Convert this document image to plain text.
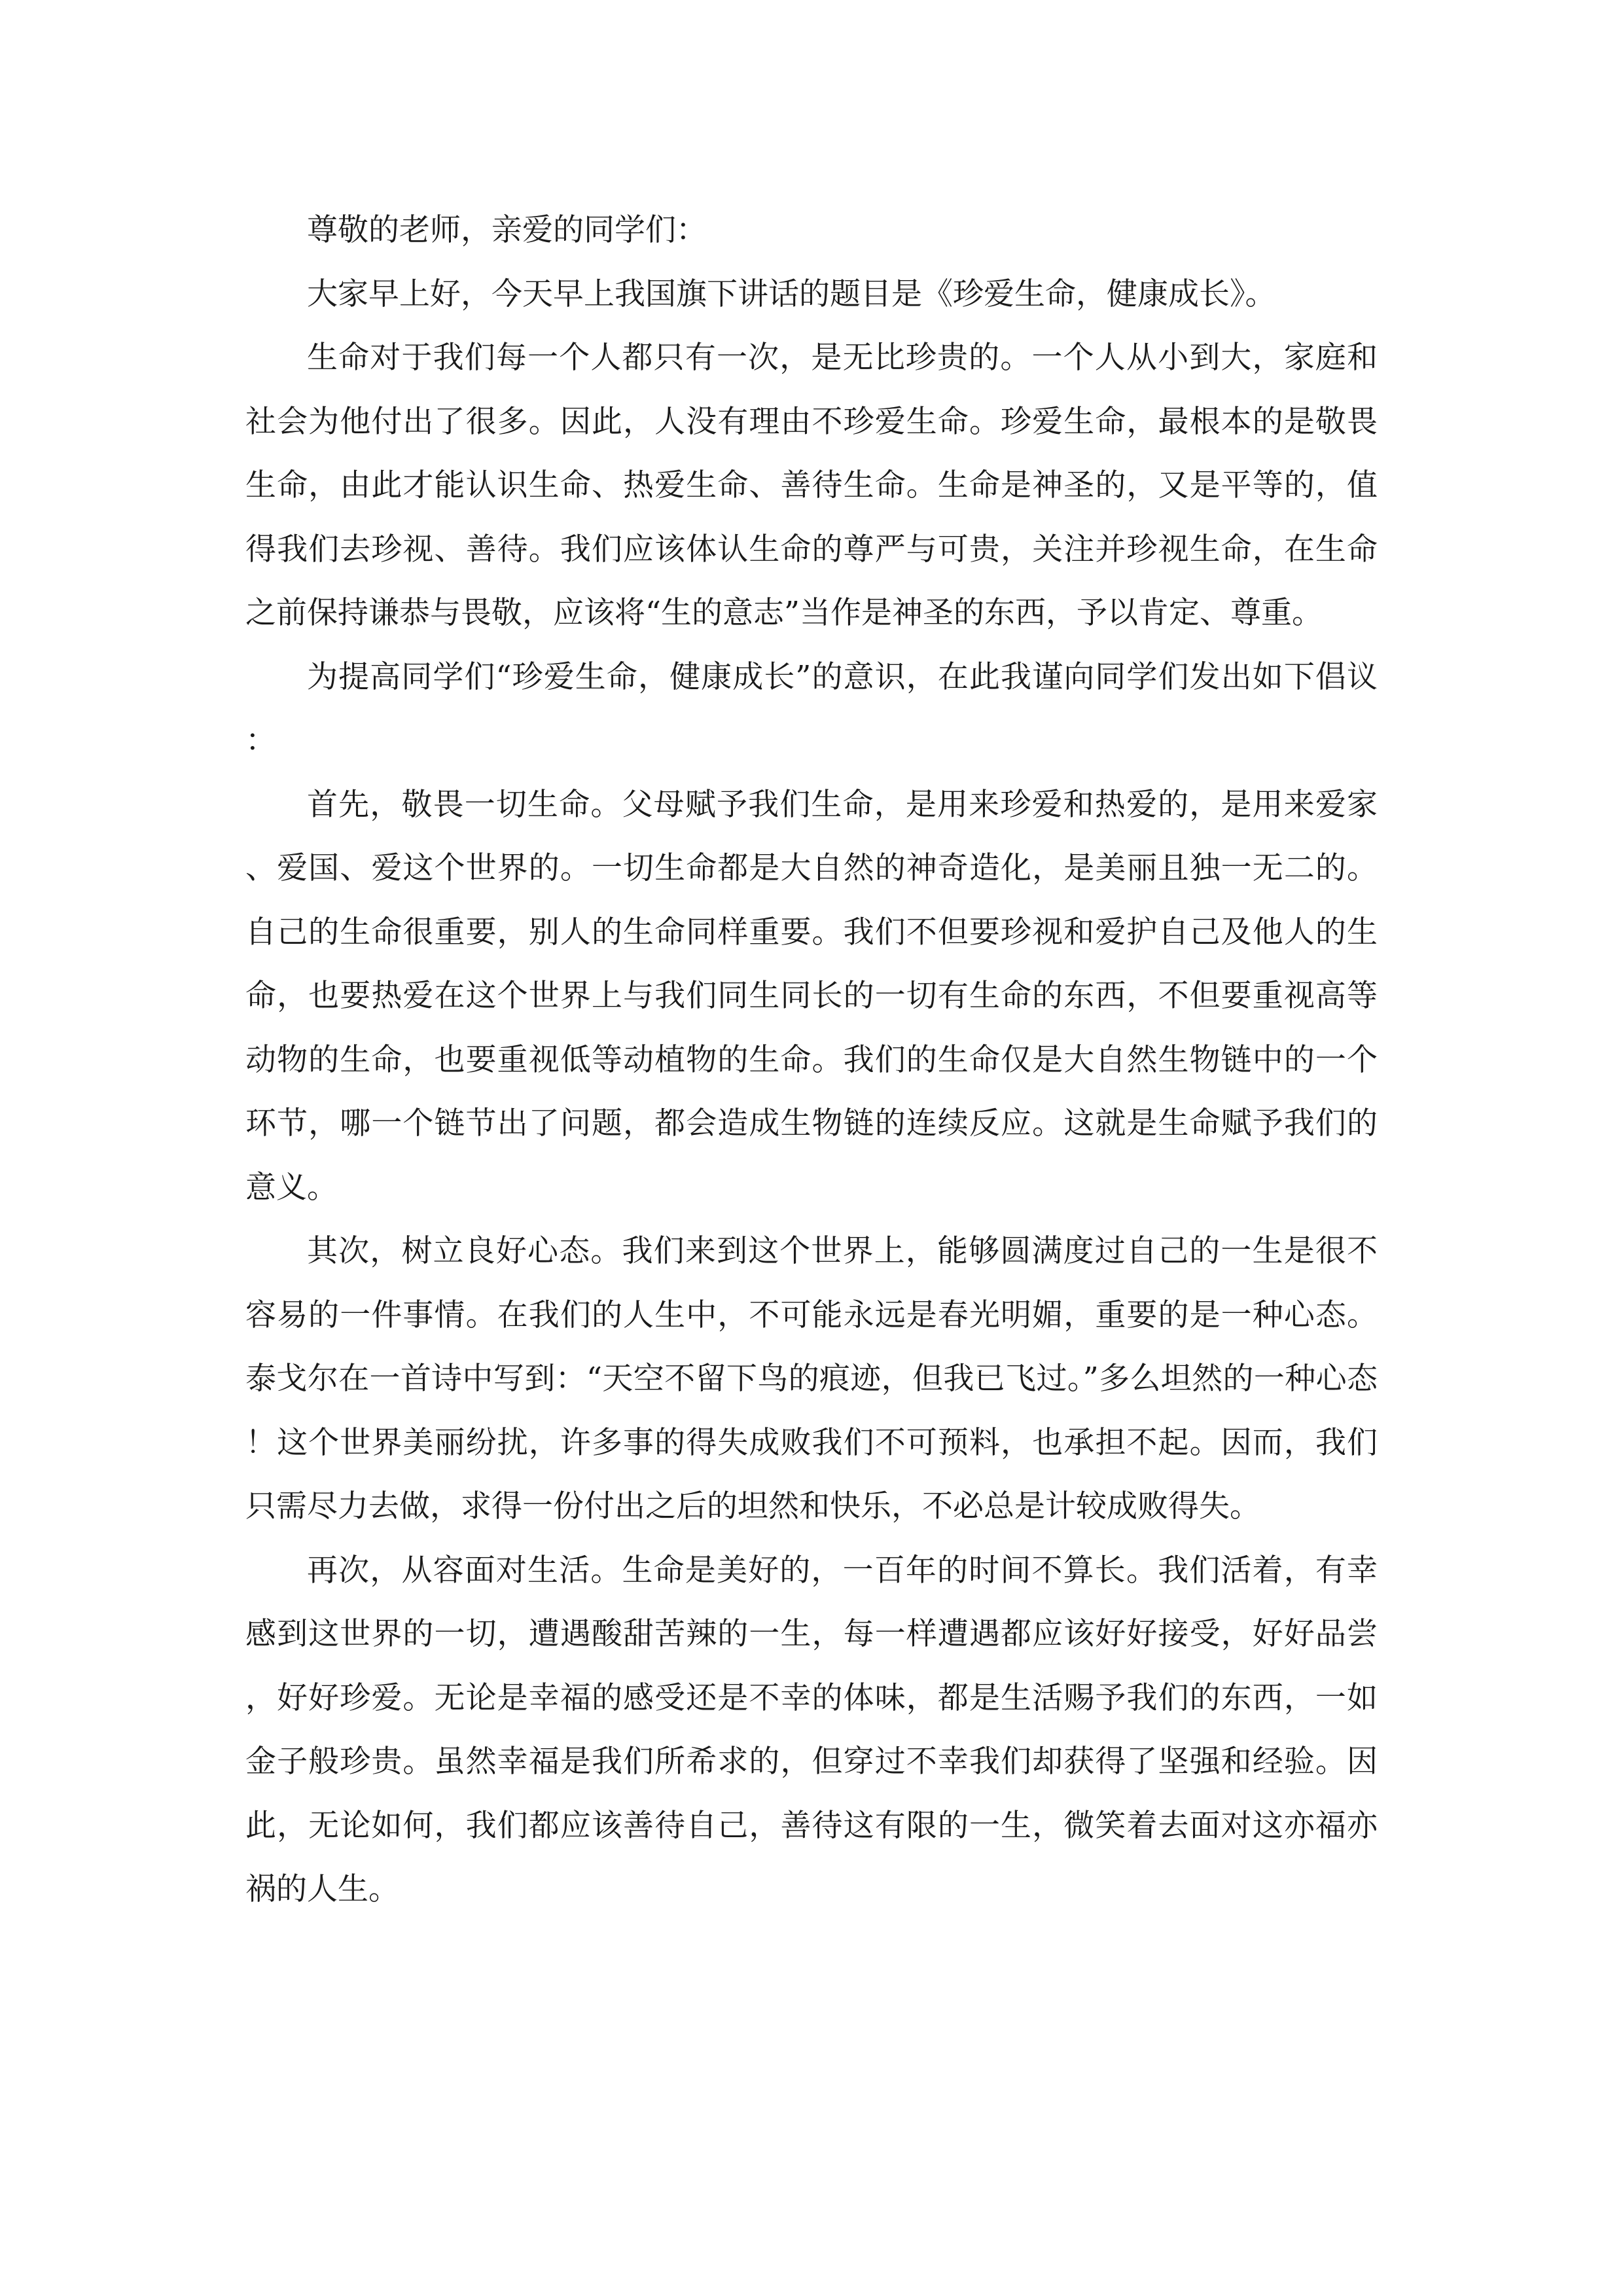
尊敬的老师，亲爱的同学们：

大家早上好，今天早上我国旗下讲话的题目是《珍爱生命，健康成长》。

生命对于我们每一个人都只有一次，是无比珍贵的。一个人从小到大，家庭和社会为他付出了很多。因此，人没有理由不珍爱生命。珍爱生命，最根本的是敬畏生命，由此才能认识生命、热爱生命、善待生命。生命是神圣的，又是平等的，值得我们去珍视、善待。我们应该体认生命的尊严与可贵，关注并珍视生命，在生命之前保持谦恭与畏敬，应该将“生的意志”当作是神圣的东西，予以肯定、尊重。

为提高同学们“珍爱生命，健康成长”的意识，在此我谨向同学们发出如下倡议：

首先，敬畏一切生命。父母赋予我们生命，是用来珍爱和热爱的，是用来爱家、爱国、爱这个世界的。一切生命都是大自然的神奇造化，是美丽且独一无二的。自己的生命很重要，别人的生命同样重要。我们不但要珍视和爱护自己及他人的生命，也要热爱在这个世界上与我们同生同长的一切有生命的东西，不但要重视高等动物的生命，也要重视低等动植物的生命。我们的生命仅是大自然生物链中的一个环节，哪一个链节出了问题，都会造成生物链的连续反应。这就是生命赋予我们的意义。

其次，树立良好心态。我们来到这个世界上，能够圆满度过自己的一生是很不容易的一件事情。在我们的人生中，不可能永远是春光明媚，重要的是一种心态。泰戈尔在一首诗中写到：“天空不留下鸟的痕迹，但我已飞过。”多么坦然的一种心态！这个世界美丽纷扰，许多事的得失成败我们不可预料，也承担不起。因而，我们只需尽力去做，求得一份付出之后的坦然和快乐，不必总是计较成败得失。

再次，从容面对生活。生命是美好的，一百年的时间不算长。我们活着，有幸感到这世界的一切，遭遇酸甜苦辣的一生，每一样遭遇都应该好好接受，好好品尝，好好珍爱。无论是幸福的感受还是不幸的体味，都是生活赐予我们的东西，一如金子般珍贵。虽然幸福是我们所希求的，但穿过不幸我们却获得了坚强和经验。因此，无论如何，我们都应该善待自己，善待这有限的一生，微笑着去面对这亦福亦祸的人生。
